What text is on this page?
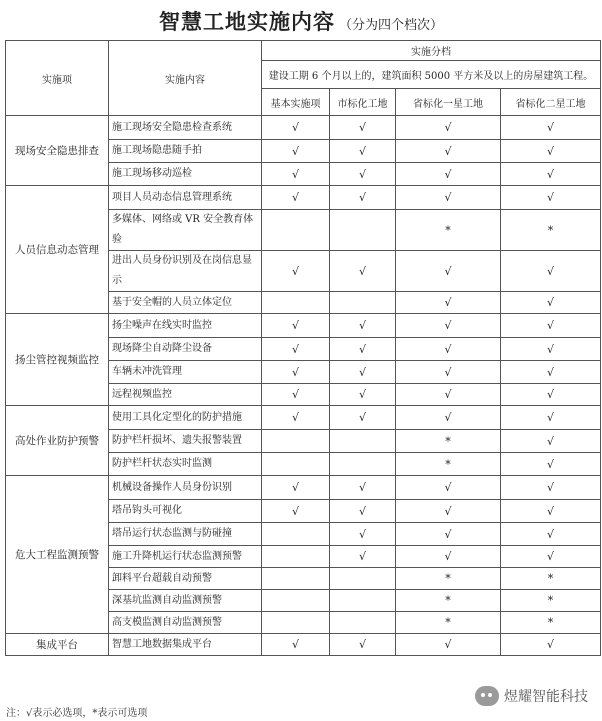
智慧工地实施内容 （分为四个档次）
实施项	实施内容	实施分档			
		建设工期 6 个月以上的，建筑面积 5000 平方米及以上的房屋建筑工程。			
		基本实施项	市标化工地	省标化一星工地	省标化二星工地
现场安全隐患排查	施工现场安全隐患检查系统	√	√	√	√
	施工现场隐患随手拍	√	√	√	√
	施工现场移动巡检	√	√	√	√
人员信息动态管理	项目人员动态信息管理系统	√	√	√	√
	多媒体、网络或 VR 安全教育体验			*	*
	进出人员身份识别及在岗信息显示	√	√	√	√
	基于安全帽的人员立体定位			√	√
扬尘管控视频监控	扬尘噪声在线实时监控	√	√	√	√
	现场降尘自动降尘设备	√	√	√	√
	车辆未冲洗管理	√	√	√	√
	远程视频监控	√	√	√	√
高处作业防护预警	使用工具化定型化的防护措施	√	√	√	√
	防护栏杆损坏、遗失报警装置			*	√
	防护栏杆状态实时监测			*	√
危大工程监测预警	机械设备操作人员身份识别	√	√	√	√
	塔吊钩头可视化	√	√	√	√
	塔吊运行状态监测与防碰撞		√	√	√
	施工升降机运行状态监测预警		√	√	√
	卸料平台超载自动预警			*	*
	深基坑监测自动监测预警			*	*
	高支模监测自动监测预警			*	*
集成平台	智慧工地数据集成平台	√	√	√	√
注：√表示必选项，*表示可选项
煜耀智能科技
